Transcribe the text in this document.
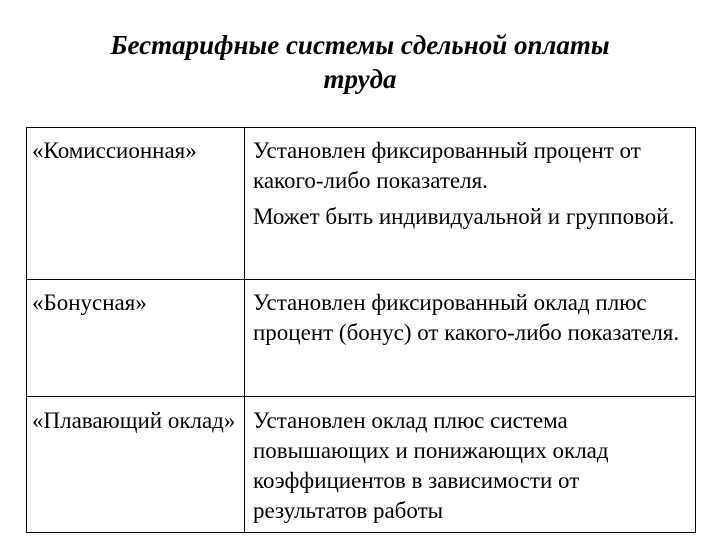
Бестарифные системы сдельной оплаты
труда
«Комиссионная»	Установлен фиксированный процент от какого-либо показателя.
Может быть индивидуальной и групповой.

«Бонусная»	Установлен фиксированный оклад плюс процент (бонус) от какого-либо показателя.

«Плавающий оклад»	Установлен оклад плюс система повышающих и понижающих оклад коэффициентов в зависимости от результатов работы
